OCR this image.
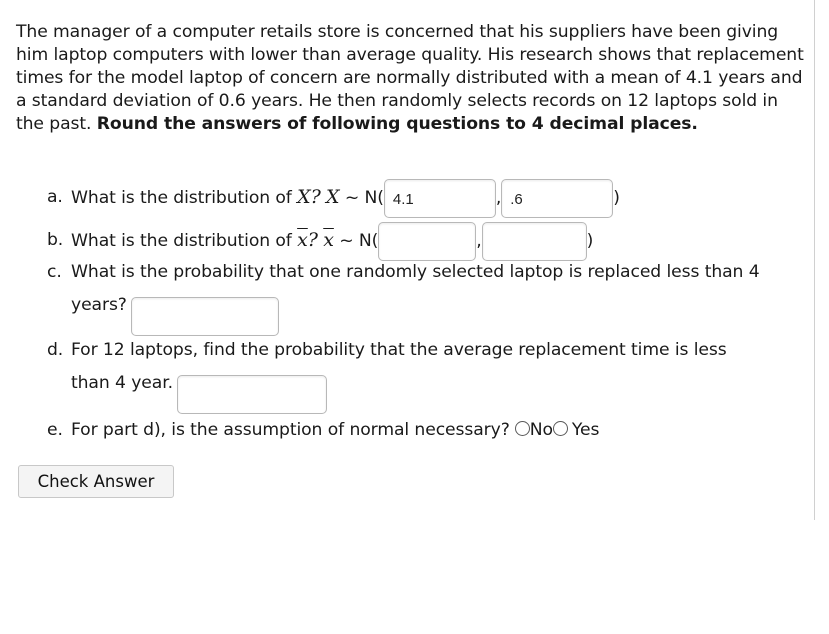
The manager of a computer retails store is concerned that his suppliers have been giving him laptop computers with lower than average quality. His research shows that replacement times for the model laptop of concern are normally distributed with a mean of 4.1 years and a standard deviation of 0.6 years. He then randomly selects records on 12 laptops sold in the past. Round the answers of following questions to 4 decimal places.
a. What is the distribution of X? X ~ N(4.1	,.6	)
b. What is the distribution of $\overline{x}$? $\overline{x}$ ~ N(	,	)
c. What is the probability that one randomly selected laptop is replaced less than 4
years?
d. For 12 laptops, find the probability that the average replacement time is less
than 4 year.
e. For part d), is the assumption of normal necessary? No Yes
Check Answer
